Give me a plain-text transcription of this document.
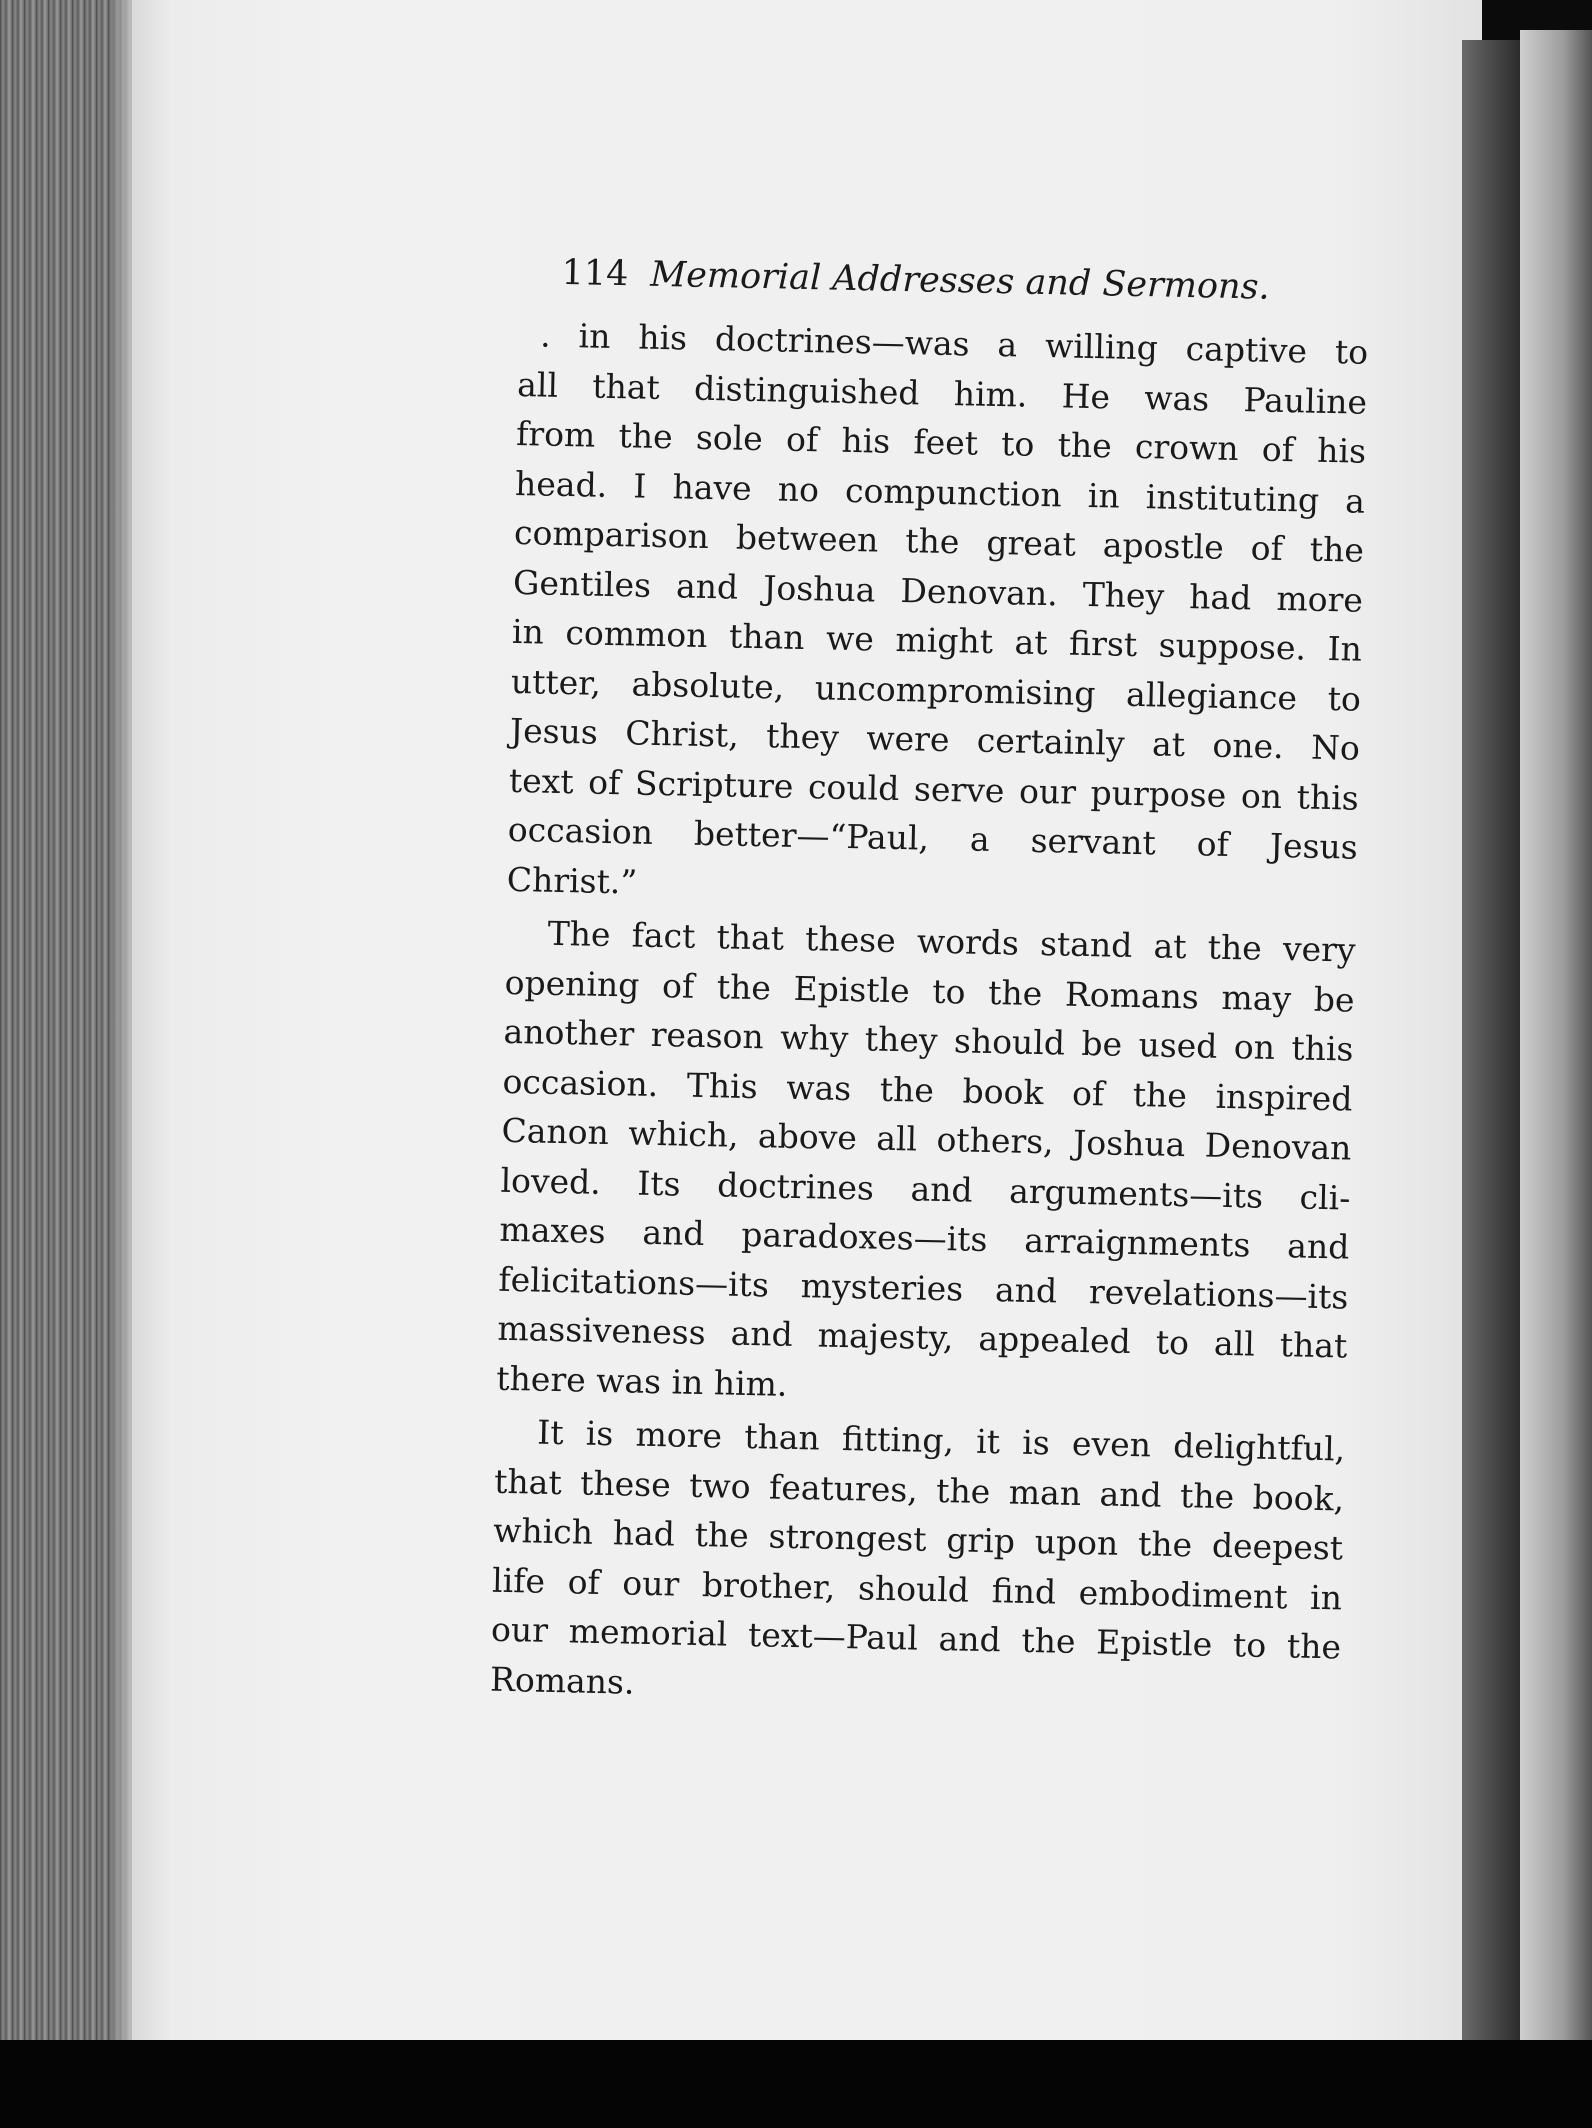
114 Memorial Addresses and Sermons.
. in his doctrines—was a willing captive to
all that distinguished him. He was Pauline
from the sole of his feet to the crown of his
head. I have no compunction in instituting a
comparison between the great apostle of the
Gentiles and Joshua Denovan. They had more
in common than we might at first suppose. In
utter, absolute, uncompromising allegiance to
Jesus Christ, they were certainly at one. No
text of Scripture could serve our purpose on this
occasion better—“Paul, a servant of Jesus
Christ.”
The fact that these words stand at the very
opening of the Epistle to the Romans may be
another reason why they should be used on this
occasion. This was the book of the inspired
Canon which, above all others, Joshua Denovan
loved. Its doctrines and arguments—its cli-
maxes and paradoxes—its arraignments and
felicitations—its mysteries and revelations—its
massiveness and majesty, appealed to all that
there was in him.
It is more than fitting, it is even delightful,
that these two features, the man and the book,
which had the strongest grip upon the deepest
life of our brother, should find embodiment in
our memorial text—Paul and the Epistle to the
Romans.
